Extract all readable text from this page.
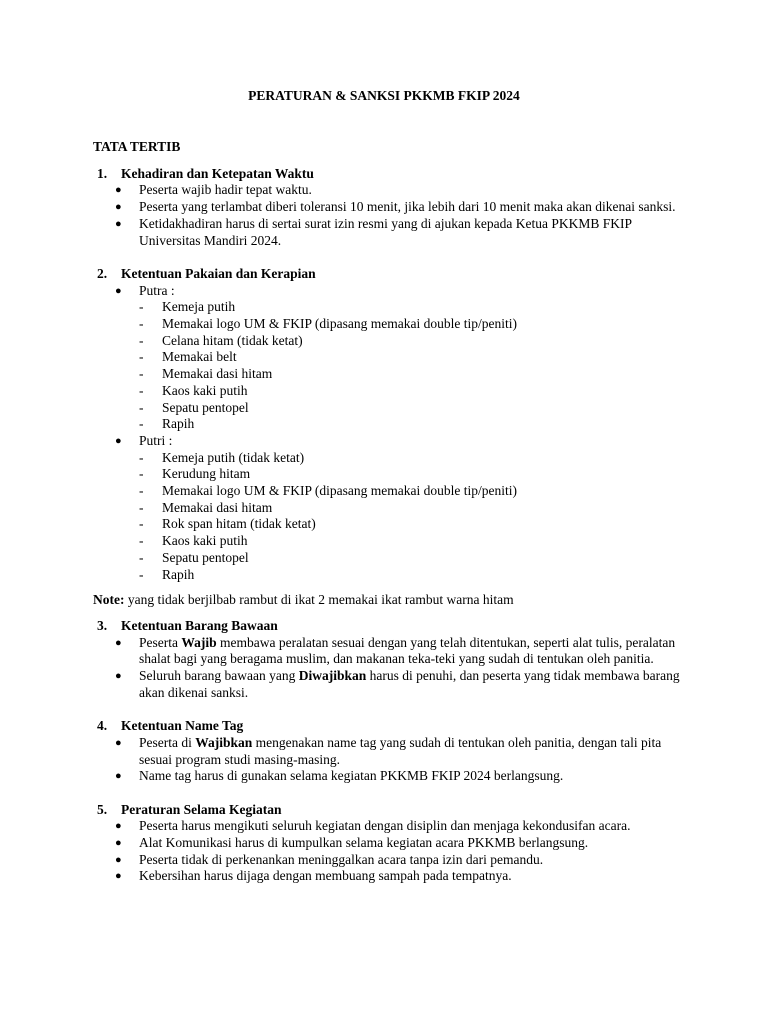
PERATURAN & SANKSI PKKMB FKIP 2024
TATA TERTIB
1. Kehadiran dan Ketepatan Waktu
● Peserta wajib hadir tepat waktu.
● Peserta yang terlambat diberi toleransi 10 menit, jika lebih dari 10 menit maka akan dikenai sanksi.
● Ketidakhadiran harus di sertai surat izin resmi yang di ajukan kepada Ketua PKKMB FKIP Universitas Mandiri 2024.
2. Ketentuan Pakaian dan Kerapian
● Putra :
- Kemeja putih
- Memakai logo UM & FKIP (dipasang memakai double tip/peniti)
- Celana hitam (tidak ketat)
- Memakai belt
- Memakai dasi hitam
- Kaos kaki putih
- Sepatu pentopel
- Rapih
● Putri :
- Kemeja putih (tidak ketat)
- Kerudung hitam
- Memakai logo UM & FKIP (dipasang memakai double tip/peniti)
- Memakai dasi hitam
- Rok span hitam (tidak ketat)
- Kaos kaki putih
- Sepatu pentopel
- Rapih
Note: yang tidak berjilbab rambut di ikat 2 memakai ikat rambut warna hitam
3. Ketentuan Barang Bawaan
● Peserta Wajib membawa peralatan sesuai dengan yang telah ditentukan, seperti alat tulis, peralatan shalat bagi yang beragama muslim, dan makanan teka-teki yang sudah di tentukan oleh panitia.
● Seluruh barang bawaan yang Diwajibkan harus di penuhi, dan peserta yang tidak membawa barang akan dikenai sanksi.
4. Ketentuan Name Tag
● Peserta di Wajibkan mengenakan name tag yang sudah di tentukan oleh panitia, dengan tali pita sesuai program studi masing-masing.
● Name tag harus di gunakan selama kegiatan PKKMB FKIP 2024 berlangsung.
5. Peraturan Selama Kegiatan
● Peserta harus mengikuti seluruh kegiatan dengan disiplin dan menjaga kekondusifan acara.
● Alat Komunikasi harus di kumpulkan selama kegiatan acara PKKMB berlangsung.
● Peserta tidak di perkenankan meninggalkan acara tanpa izin dari pemandu.
● Kebersihan harus dijaga dengan membuang sampah pada tempatnya.
